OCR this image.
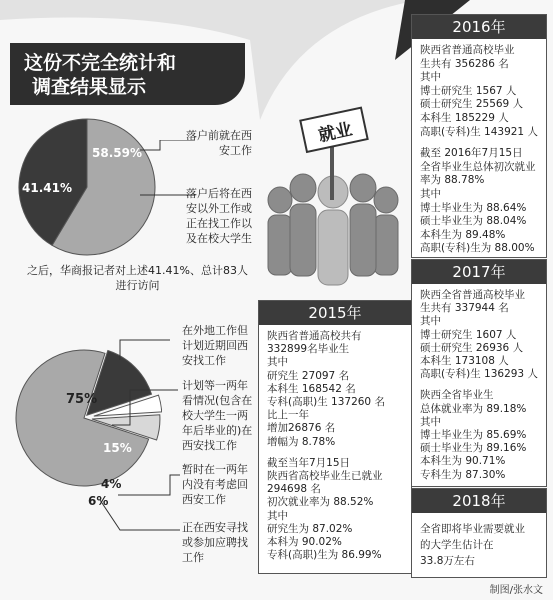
这份不完全统计和
调查结果显示
58.59%
41.41%
落户前就在西安工作
落户后将在西安以外工作或正在找工作以及在校大学生
之后，华商报记者对上述41.41%、总计83人进行访问
75%
15%
4%
6%
在外地工作但计划近期回西安找工作
计划等一两年看情况(包含在校大学生一两年后毕业的)在西安找工作
暂时在一两年内没有考虑回西安工作
正在西安寻找或参加应聘找工作
就业
2015年
陕西省普通高校共有
332899名毕业生
其中
研究生 27097 名
本科生 168542 名
专科(高职)生 137260 名
比上一年
增加26876 名
增幅为 8.78%

截至当年7月15日
陕西省高校毕业生已就业
294698 名
初次就业率为 88.52%
其中
研究生为 87.02%
本科为 90.02%
专科(高职)生为 86.99%
2016年
陕西省普通高校毕业
生共有 356286 名
其中
博士研究生 1567 人
硕士研究生 25569 人
本科生 185229 人
高职(专科)生 143921 人

截至 2016年7月15日
全省毕业生总体初次就业
率为 88.78%
其中
博士毕业生为 88.64%
硕士毕业生为 88.04%
本科生为 89.48%
高职(专科)生为 88.00%
2017年
陕西全省普通高校毕业
生共有 337944 名
其中
博士研究生 1607 人
硕士研究生 26936 人
本科生 173108 人
高职(专科)生 136293 人

陕西全省毕业生
总体就业率为 89.18%
其中
博士毕业生为 85.69%
硕士毕业生为 89.16%
本科生为 90.71%
专科生为 87.30%
2018年
全省即将毕业需要就业
的大学生估计在
33.8万左右
制图/张水文
